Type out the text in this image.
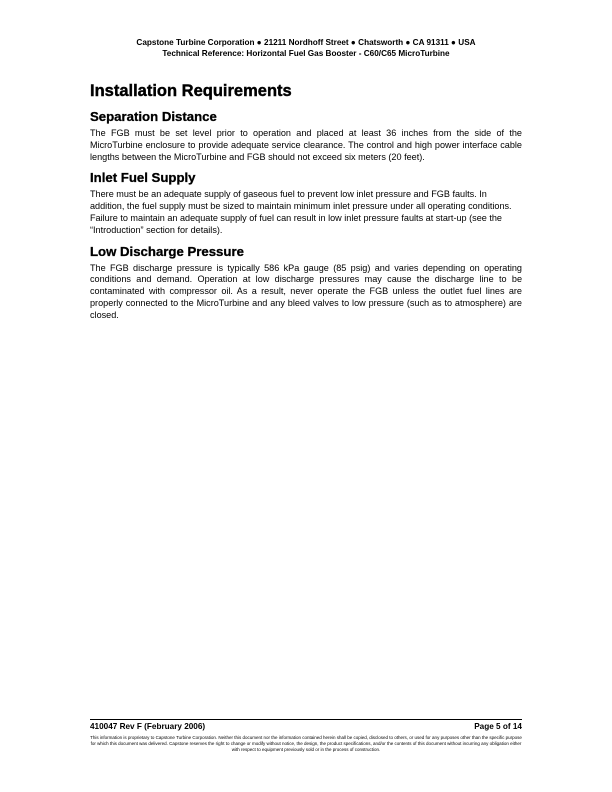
Capstone Turbine Corporation ● 21211 Nordhoff Street ● Chatsworth ● CA 91311 ● USA
Technical Reference: Horizontal Fuel Gas Booster - C60/C65 MicroTurbine
Installation Requirements
Separation Distance

The FGB must be set level prior to operation and placed at least 36 inches from the side of the MicroTurbine enclosure to provide adequate service clearance. The control and high power interface cable lengths between the MicroTurbine and FGB should not exceed six meters (20 feet).

Inlet Fuel Supply

There must be an adequate supply of gaseous fuel to prevent low inlet pressure and FGB faults. In addition, the fuel supply must be sized to maintain minimum inlet pressure under all operating conditions. Failure to maintain an adequate supply of fuel can result in low inlet pressure faults at start-up (see the “Introduction” section for details).

Low Discharge Pressure

The FGB discharge pressure is typically 586 kPa gauge (85 psig) and varies depending on operating conditions and demand. Operation at low discharge pressures may cause the discharge line to be contaminated with compressor oil. As a result, never operate the FGB unless the outlet fuel lines are properly connected to the MicroTurbine and any bleed valves to low pressure (such as to atmosphere) are closed.

410047 Rev F (February 2006)	Page 5 of 14
This information is proprietary to Capstone Turbine Corporation. Neither this document nor the information contained herein shall be copied, disclosed to others, or used for any purposes other than the specific purpose for which this document was delivered. Capstone reserves the right to change or modify without notice, the design, the product specifications, and/or the contents of this document without incurring any obligation either with respect to equipment previously sold or in the process of construction.
